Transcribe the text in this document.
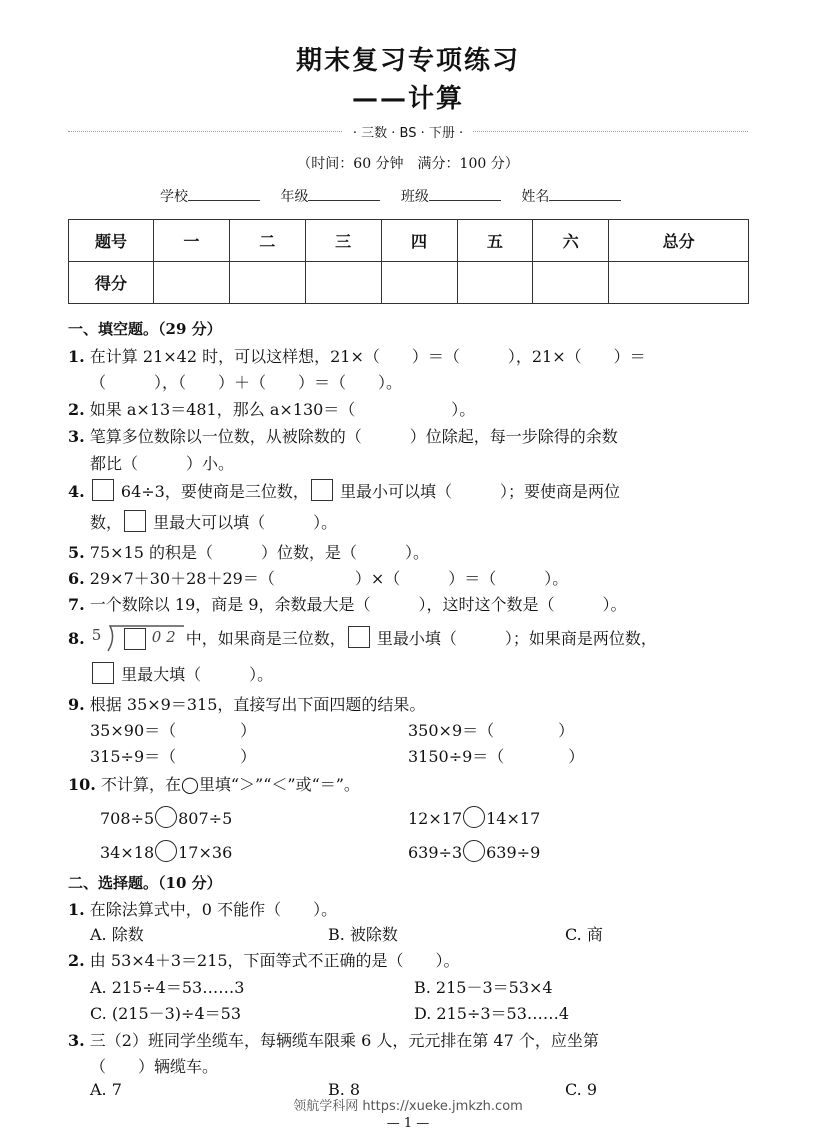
期末复习专项练习
——计算
· 三数 · BS · 下册 ·
（时间：60 分钟　满分：100 分）
学校	年级	班级	姓名
题号	一	二	三	四	五	六	总分
得分							
一、填空题。（29 分）
1. 在计算 21×42 时，可以这样想，21×（　　）＝（　　　），21×（　　）＝
（　　　），（　　）＋（　　）＝（　　）。
2. 如果 a×13＝481，那么 a×130＝（　　　　　　）。
3. 笔算多位数除以一位数，从被除数的（　　　）位除起，每一步除得的余数
都比（　　　）小。
4. 64÷3，要使商是三位数， 里最小可以填（　　　）；要使商是两位
数， 里最大可以填（　　　）。
5. 75×15 的积是（　　　）位数，是（　　　）。
6. 29×7＋30＋28＋29＝（　　　　　）×（　　　）＝（　　　）。
7. 一个数除以 19，商是 9，余数最大是（　　　），这时这个数是（　　　）。
8. 5	0 2 中，如果商是三位数， 里最小填（　　　）；如果商是两位数，
里最大填（　　　）。
9. 根据 35×9＝315，直接写出下面四题的结果。
35×90＝（　　　　）	350×9＝（　　　　）
315÷9＝（　　　　）	3150÷9＝（　　　　）
10. 不计算，在◯里填“＞”“＜”或“＝”。
708÷5 807÷5	12×17 14×17
34×18 17×36	639÷3 639÷9
二、选择题。（10 分）
1. 在除法算式中，0 不能作（　　）。
A. 除数	B. 被除数	C. 商
2. 由 53×4＋3＝215，下面等式不正确的是（　　）。
A. 215÷4＝53……3	B. 215－3＝53×4
C. (215－3)÷4＝53	D. 215÷3＝53……4
3. 三（2）班同学坐缆车，每辆缆车限乘 6 人，元元排在第 47 个，应坐第
（　　）辆缆车。
A. 7	B. 8	C. 9
领航学科网 https://xueke.jmkzh.com
— 1 —
